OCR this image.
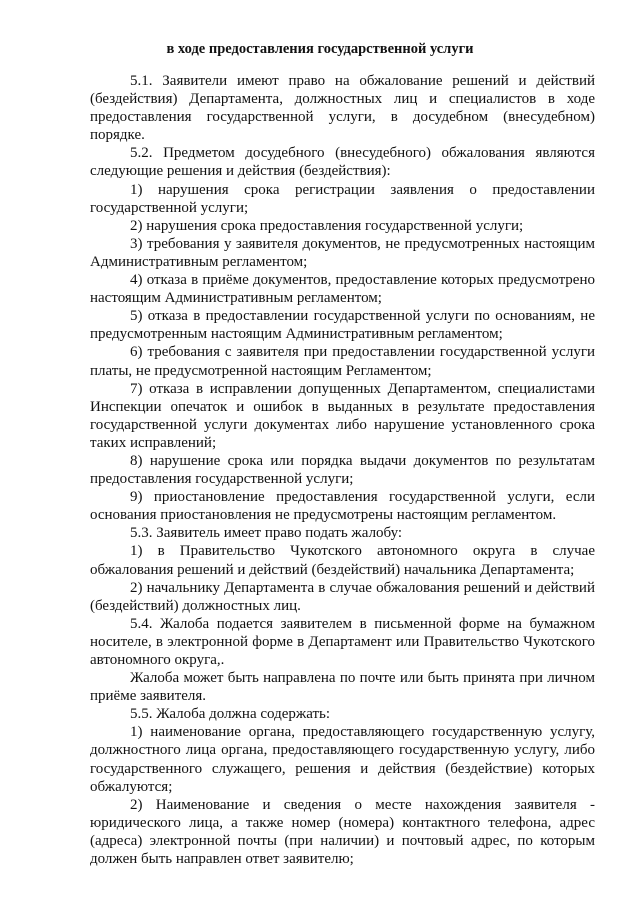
в ходе предоставления государственной услуги

5.1. Заявители имеют право на обжалование решений и действий (бездействия) Департамента, должностных лиц и специалистов в ходе предоставления государственной услуги, в досудебном (внесудебном) порядке.

5.2. Предметом досудебного (внесудебного) обжалования являются следующие решения и действия (бездействия):

1) нарушения срока регистрации заявления о предоставлении государственной услуги;

2) нарушения срока предоставления государственной услуги;

3) требования у заявителя документов, не предусмотренных настоящим Административным регламентом;

4) отказа в приёме документов, предоставление которых предусмотрено настоящим Административным регламентом;

5) отказа в предоставлении государственной услуги по основаниям, не предусмотренным настоящим Административным регламентом;

6) требования с заявителя при предоставлении государственной услуги платы, не предусмотренной настоящим Регламентом;

7) отказа в исправлении допущенных Департаментом, специалистами Инспекции опечаток и ошибок в выданных в результате предоставления государственной услуги документах либо нарушение установленного срока таких исправлений;

8) нарушение срока или порядка выдачи документов по результатам предоставления государственной услуги;

9) приостановление предоставления государственной услуги, если основания приостановления не предусмотрены настоящим регламентом.

5.3. Заявитель имеет право подать жалобу:

1) в Правительство Чукотского автономного округа в случае обжалования решений и действий (бездействий) начальника Департамента;

2) начальнику Департамента в случае обжалования решений и действий (бездействий) должностных лиц.

5.4. Жалоба подается заявителем в письменной форме на бумажном носителе, в электронной форме в Департамент или Правительство Чукотского автономного округа,.

Жалоба может быть направлена по почте или быть принята при личном приёме заявителя.

5.5. Жалоба должна содержать:

1) наименование органа, предоставляющего государственную услугу, должностного лица органа, предоставляющего государственную услугу, либо государственного служащего, решения и действия (бездействие) которых обжалуются;

2) Наименование и сведения о месте нахождения заявителя - юридического лица, а также номер (номера) контактного телефона, адрес (адреса) электронной почты (при наличии) и почтовый адрес, по которым должен быть направлен ответ заявителю;
